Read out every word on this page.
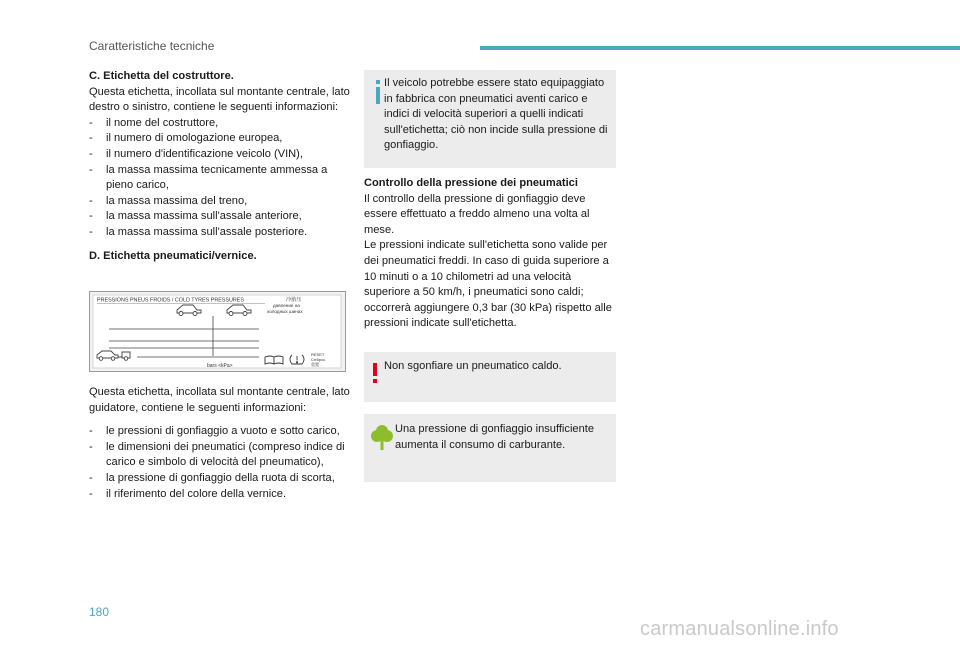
Caratteristiche tecniche

C. Etichetta del costruttore.

Questa etichetta, incollata sul montante centrale, lato destro o sinistro, contiene le seguenti informazioni:

- il nome del costruttore,

- il numero di omologazione europea,

- il numero d'identificazione veicolo (VIN),

- la massa massima tecnicamente ammessa a pieno carico,

- la massa massima del treno,

- la massa massima sull'assale anteriore,

- la massa massima sull'assale posteriore.

D. Etichetta pneumatici/vernice.

PRESSIONS PNEUS FROIDS / COLD TYRES PRESSURES	冷胎压
давление на
холодных шинах
bars <kPa>
RESET
Cπ6poc
重置

Questa etichetta, incollata sul montante centrale, lato guidatore, contiene le seguenti informazioni:

- le pressioni di gonfiaggio a vuoto e sotto carico,

- le dimensioni dei pneumatici (compreso indice di carico e simbolo di velocità del pneumatico),

- la pressione di gonfiaggio della ruota di scorta,

- il riferimento del colore della vernice.

Il veicolo potrebbe essere stato equipaggiato in fabbrica con pneumatici aventi carico e indici di velocità superiori a quelli indicati sull'etichetta; ciò non incide sulla pressione di gonfiaggio.

Controllo della pressione dei pneumatici

Il controllo della pressione di gonfiaggio deve essere effettuato a freddo almeno una volta al mese.

Le pressioni indicate sull'etichetta sono valide per dei pneumatici freddi. In caso di guida superiore a 10 minuti o a 10 chilometri ad una velocità superiore a 50 km/h, i pneumatici sono caldi; occorrerà aggiungere 0,3 bar (30 kPa) rispetto alle pressioni indicate sull'etichetta.

Non sgonfiare un pneumatico caldo.
Una pressione di gonfiaggio insufficiente aumenta il consumo di carburante.
180
carmanualsonline.info
